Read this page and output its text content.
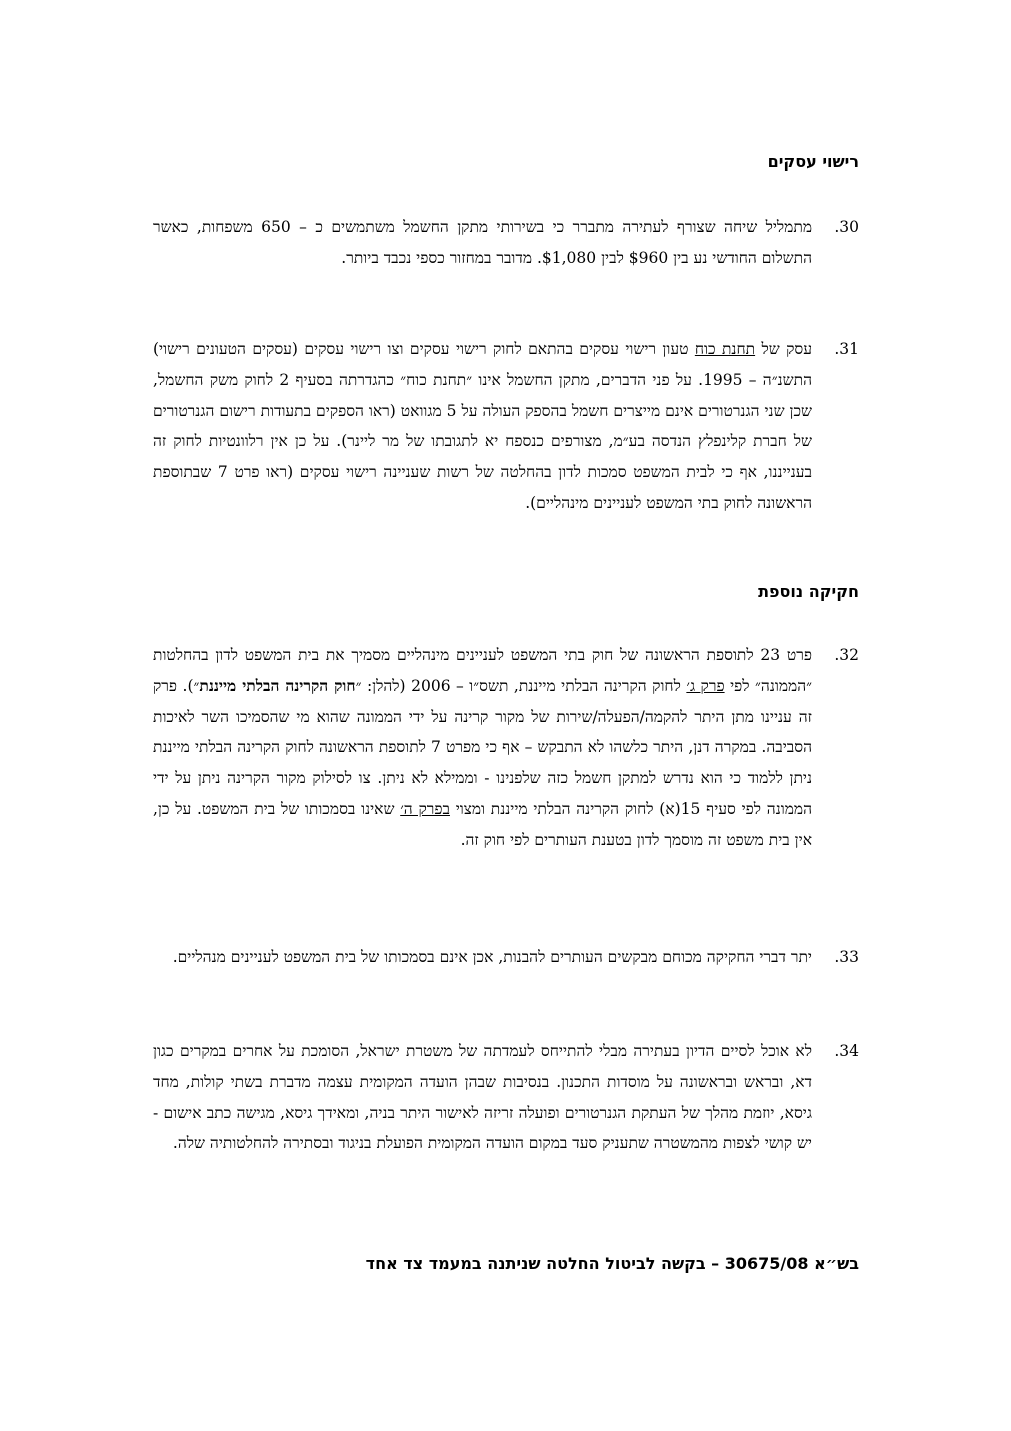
רישוי עסקים
.30
מתמליל שיחה שצורף לעתירה מתברר כי בשירותי מתקן החשמל משתמשים כ – 650 משפחות, כאשר התשלום החודשי נע בין $960 לבין $1,080. מדובר במחזור כספי נכבד ביותר.
.31
עסק של תחנת כוח טעון רישוי עסקים בהתאם לחוק רישוי עסקים וצו רישוי עסקים (עסקים הטעונים רישוי) התשנ״ה – 1995. על פני הדברים, מתקן החשמל אינו ״תחנת כוח״ כהגדרתה בסעיף 2 לחוק משק החשמל, שכן שני הגנרטורים אינם מייצרים חשמל בהספק העולה על 5 מגוואט (ראו הספקים בתעודות רישום הגנרטורים של חברת קלינפלץ הנדסה בע״מ, מצורפים כנספח יא לתגובתו של מר ליינר). על כן אין רלוונטיות לחוק זה בענייננו, אף כי לבית המשפט סמכות לדון בהחלטה של רשות שעניינה רישוי עסקים (ראו פרט 7 שבתוספת הראשונה לחוק בתי המשפט לעניינים מינהליים).
חקיקה נוספת
.32
פרט 23 לתוספת הראשונה של חוק בתי המשפט לעניינים מינהליים מסמיך את בית המשפט לדון בהחלטות ״הממונה״ לפי פרק ג׳ לחוק הקרינה הבלתי מייננת, תשס״ו – 2006 (להלן: ״חוק הקרינה הבלתי מייננת״). פרק זה עניינו מתן היתר להקמה/הפעלה/שירות של מקור קרינה על ידי הממונה שהוא מי שהסמיכו השר לאיכות הסביבה. במקרה דנן, היתר כלשהו לא התבקש – אף כי מפרט 7 לתוספת הראשונה לחוק הקרינה הבלתי מייננת ניתן ללמוד כי הוא נדרש למתקן חשמל כזה שלפנינו - וממילא לא ניתן. צו לסילוק מקור הקרינה ניתן על ידי הממונה לפי סעיף 15(א) לחוק הקרינה הבלתי מייננת ומצוי בפרק ה׳ שאינו בסמכותו של בית המשפט. על כן, אין בית משפט זה מוסמך לדון בטענת העותרים לפי חוק זה.
.33
יתר דברי החקיקה מכוחם מבקשים העותרים להבנות, אכן אינם בסמכותו של בית המשפט לעניינים מנהליים.
.34
לא אוכל לסיים הדיון בעתירה מבלי להתייחס לעמדתה של משטרת ישראל, הסומכת על אחרים במקרים כגון דא, ובראש ובראשונה על מוסדות התכנון. בנסיבות שבהן הועדה המקומית עצמה מדברת בשתי קולות, מחד גיסא, יוזמת מהלך של העתקת הגנרטורים ופועלה זריזה לאישור היתר בניה, ומאידך גיסא, מגישה כתב אישום - יש קושי לצפות מהמשטרה שתעניק סעד במקום הועדה המקומית הפועלת בניגוד ובסתירה להחלטותיה שלה.
בש״א 30675/08 – בקשה לביטול החלטה שניתנה במעמד צד אחד
